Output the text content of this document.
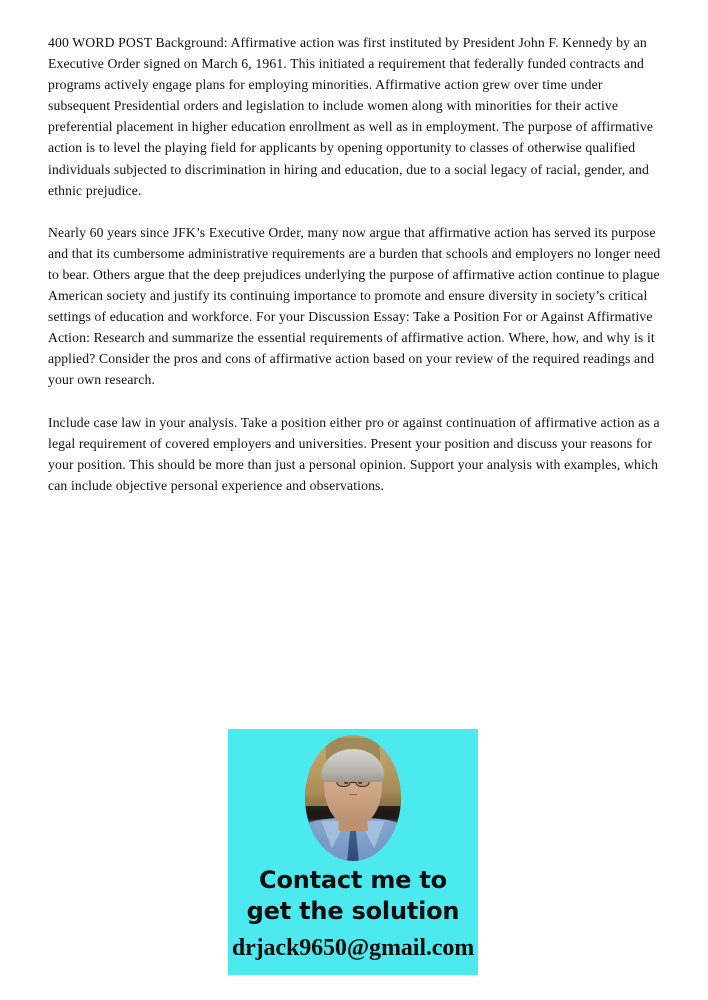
400 WORD POST Background: Affirmative action was first instituted by President John F. Kennedy by an Executive Order signed on March 6, 1961. This initiated a requirement that federally funded contracts and programs actively engage plans for employing minorities. Affirmative action grew over time under subsequent Presidential orders and legislation to include women along with minorities for their active preferential placement in higher education enrollment as well as in employment. The purpose of affirmative action is to level the playing field for applicants by opening opportunity to classes of otherwise qualified individuals subjected to discrimination in hiring and education, due to a social legacy of racial, gender, and ethnic prejudice.

Nearly 60 years since JFK’s Executive Order, many now argue that affirmative action has served its purpose and that its cumbersome administrative requirements are a burden that schools and employers no longer need to bear. Others argue that the deep prejudices underlying the purpose of affirmative action continue to plague American society and justify its continuing importance to promote and ensure diversity in society’s critical settings of education and workforce. For your Discussion Essay: Take a Position For or Against Affirmative Action: Research and summarize the essential requirements of affirmative action. Where, how, and why is it applied? Consider the pros and cons of affirmative action based on your review of the required readings and your own research.

Include case law in your analysis. Take a position either pro or against continuation of affirmative action as a legal requirement of covered employers and universities. Present your position and discuss your reasons for your position. This should be more than just a personal opinion. Support your analysis with examples, which can include objective personal experience and observations.

Contact me to
get the solution
drjack9650@gmail.com
